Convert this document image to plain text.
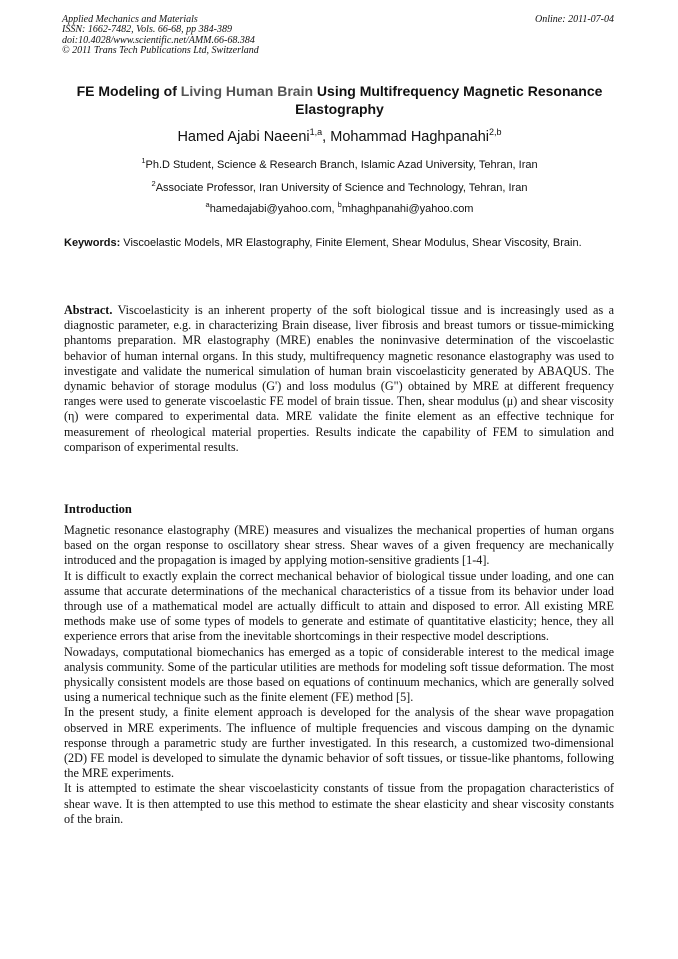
Applied Mechanics and Materials
ISSN: 1662-7482, Vols. 66-68, pp 384-389
doi:10.4028/www.scientific.net/AMM.66-68.384
© 2011 Trans Tech Publications Ltd, Switzerland
Online: 2011-07-04
FE Modeling of Living Human Brain Using Multifrequency Magnetic Resonance Elastography
Hamed Ajabi Naeeni$^{1,a}$, Mohammad Haghpanahi$^{2,b}$
$^1$Ph.D Student, Science & Research Branch, Islamic Azad University, Tehran, Iran
$^2$Associate Professor, Iran University of Science and Technology, Tehran, Iran
$^a$hamedajabi@yahoo.com, $^b$mhaghpanahi@yahoo.com
Keywords: Viscoelastic Models, MR Elastography, Finite Element, Shear Modulus, Shear Viscosity, Brain.
Abstract. Viscoelasticity is an inherent property of the soft biological tissue and is increasingly used as a diagnostic parameter, e.g. in characterizing Brain disease, liver fibrosis and breast tumors or tissue-mimicking phantoms preparation. MR elastography (MRE) enables the noninvasive determination of the viscoelastic behavior of human internal organs. In this study, multifrequency magnetic resonance elastography was used to investigate and validate the numerical simulation of human brain viscoelasticity generated by ABAQUS. The dynamic behavior of storage modulus (G') and loss modulus (G") obtained by MRE at different frequency ranges were used to generate viscoelastic FE model of brain tissue. Then, shear modulus (μ) and shear viscosity (η) were compared to experimental data. MRE validate the finite element as an effective technique for measurement of rheological material properties. Results indicate the capability of FEM to simulation and comparison of experimental results.
Introduction

Magnetic resonance elastography (MRE) measures and visualizes the mechanical properties of human organs based on the organ response to oscillatory shear stress. Shear waves of a given frequency are mechanically introduced and the propagation is imaged by applying motion-sensitive gradients [1-4].

It is difficult to exactly explain the correct mechanical behavior of biological tissue under loading, and one can assume that accurate determinations of the mechanical characteristics of a tissue from its behavior under load through use of a mathematical model are actually difficult to attain and disposed to error. All existing MRE methods make use of some types of models to generate and estimate of quantitative elasticity; hence, they all experience errors that arise from the inevitable shortcomings in their respective model descriptions.

Nowadays, computational biomechanics has emerged as a topic of considerable interest to the medical image analysis community. Some of the particular utilities are methods for modeling soft tissue deformation. The most physically consistent models are those based on equations of continuum mechanics, which are generally solved using a numerical technique such as the finite element (FE) method [5].

In the present study, a finite element approach is developed for the analysis of the shear wave propagation observed in MRE experiments. The influence of multiple frequencies and viscous damping on the dynamic response through a parametric study are further investigated. In this research, a customized two-dimensional (2D) FE model is developed to simulate the dynamic behavior of soft tissues, or tissue-like phantoms, following the MRE experiments.

It is attempted to estimate the shear viscoelasticity constants of tissue from the propagation characteristics of shear wave. It is then attempted to use this method to estimate the shear elasticity and shear viscosity constants of the brain.
